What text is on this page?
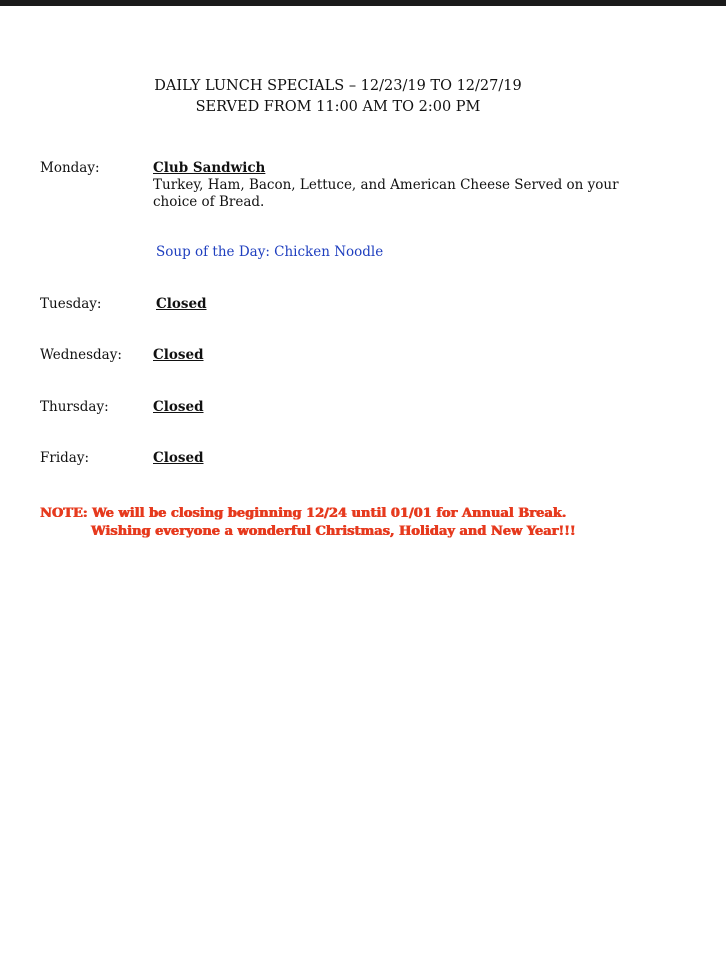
DAILY LUNCH SPECIALS – 12/23/19 TO 12/27/19
SERVED FROM 11:00 AM TO 2:00 PM
Monday:	Club Sandwich
Turkey, Ham, Bacon, Lettuce, and American Cheese Served on your
choice of Bread.
Soup of the Day: Chicken Noodle
Tuesday:	Closed
Wednesday: Closed
Thursday:	Closed
Friday:	Closed
NOTE: We will be closing beginning 12/24 until 01/01 for Annual Break.
Wishing everyone a wonderful Christmas, Holiday and New Year!!!
